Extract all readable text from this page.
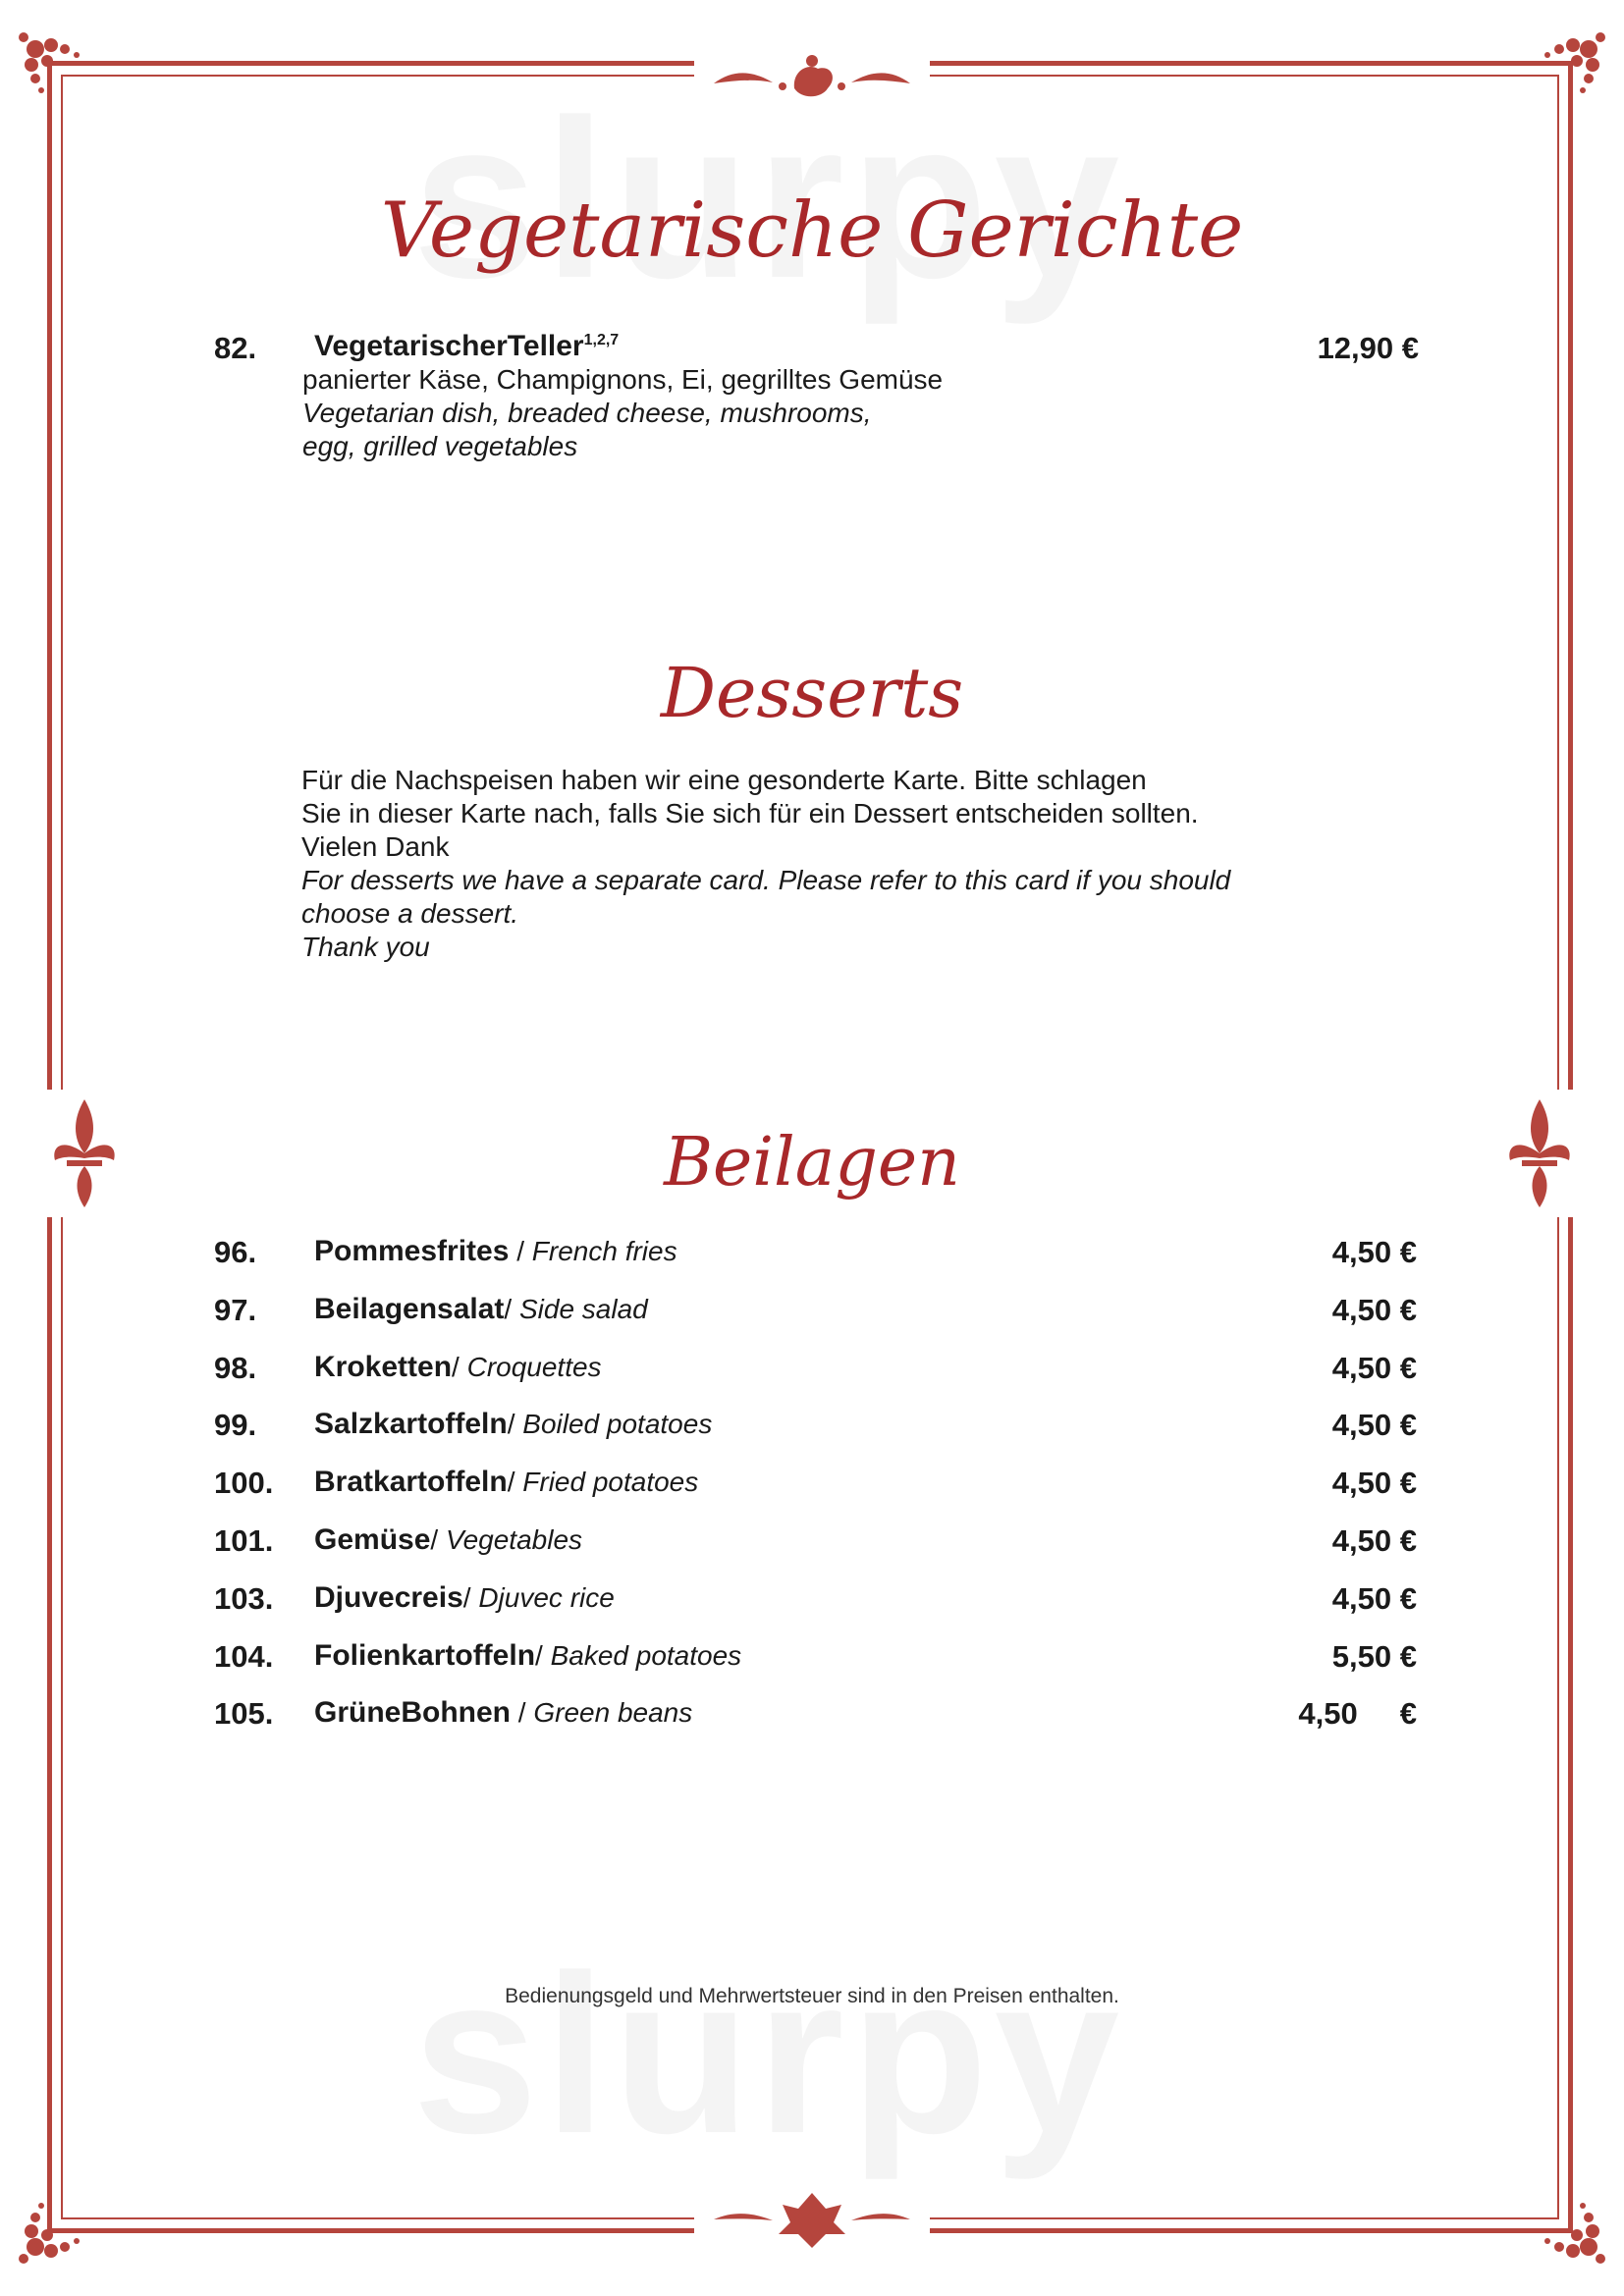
Vegetarische Gerichte
82. VegetarischerTeller$^{1,2,7}$	12,90 €
panierter Käse, Champignons, Ei, gegrilltes Gemüse
Vegetarian dish, breaded cheese, mushrooms,
egg, grilled vegetables
Desserts
Für die Nachspeisen haben wir eine gesonderte Karte. Bitte schlagen
Sie in dieser Karte nach, falls Sie sich für ein Dessert entscheiden sollten.
Vielen Dank
For desserts we have a separate card. Please refer to this card if you should
choose a dessert.
Thank you
Beilagen
96. Pommesfrites / French fries	4,50 €
97. Beilagensalat/ Side salad	4,50 €
98. Kroketten/ Croquettes	4,50 €
99. Salzkartoffeln/ Boiled potatoes	4,50 €
100. Bratkartoffeln/ Fried potatoes	4,50 €
101. Gemüse/ Vegetables	4,50 €
103. Djuvecreis/ Djuvec rice	4,50 €
104. Folienkartoffeln/ Baked potatoes	5,50 €
105. GrüneBohnen / Green beans	4,50     €
Bedienungsgeld und Mehrwertsteuer sind in den Preisen enthalten.
